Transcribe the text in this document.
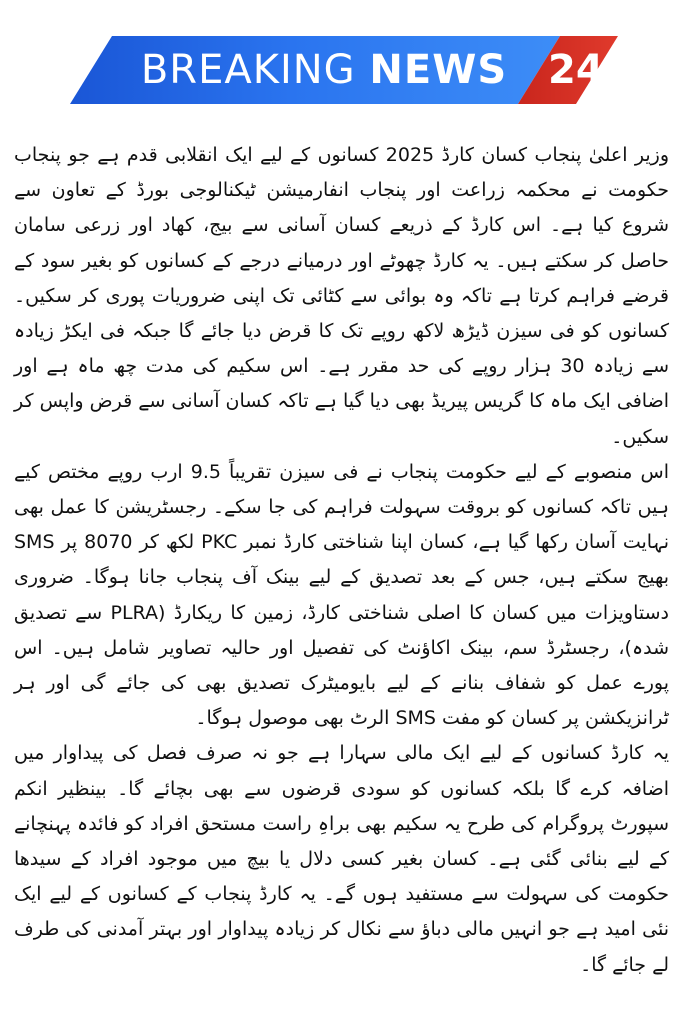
BREAKING NEWS	24

وزیر اعلیٰ پنجاب کسان کارڈ 2025 کسانوں کے لیے ایک انقلابی قدم ہے جو پنجاب حکومت نے محکمہ زراعت اور پنجاب انفارمیشن ٹیکنالوجی بورڈ کے تعاون سے شروع کیا ہے۔ اس کارڈ کے ذریعے کسان آسانی سے بیج، کھاد اور زرعی سامان حاصل کر سکتے ہیں۔ یہ کارڈ چھوٹے اور درمیانے درجے کے کسانوں کو بغیر سود کے قرضے فراہم کرتا ہے تاکہ وہ بوائی سے کٹائی تک اپنی ضروریات پوری کر سکیں۔ کسانوں کو فی سیزن ڈیڑھ لاکھ روپے تک کا قرض دیا جائے گا جبکہ فی ایکڑ زیادہ سے زیادہ 30 ہزار روپے کی حد مقرر ہے۔ اس سکیم کی مدت چھ ماہ ہے اور اضافی ایک ماہ کا گریس پیریڈ بھی دیا گیا ہے تاکہ کسان آسانی سے قرض واپس کر سکیں۔

اس منصوبے کے لیے حکومت پنجاب نے فی سیزن تقریباً 9.5 ارب روپے مختص کیے ہیں تاکہ کسانوں کو بروقت سہولت فراہم کی جا سکے۔ رجسٹریشن کا عمل بھی نہایت آسان رکھا گیا ہے، کسان اپنا شناختی کارڈ نمبر PKC لکھ کر 8070 پر SMS بھیج سکتے ہیں، جس کے بعد تصدیق کے لیے بینک آف پنجاب جانا ہوگا۔ ضروری دستاویزات میں کسان کا اصلی شناختی کارڈ، زمین کا ریکارڈ (PLRA سے تصدیق شدہ)، رجسٹرڈ سم، بینک اکاؤنٹ کی تفصیل اور حالیہ تصاویر شامل ہیں۔ اس پورے عمل کو شفاف بنانے کے لیے بایومیٹرک تصدیق بھی کی جائے گی اور ہر ٹرانزیکشن پر کسان کو مفت SMS الرٹ بھی موصول ہوگا۔

یہ کارڈ کسانوں کے لیے ایک مالی سہارا ہے جو نہ صرف فصل کی پیداوار میں اضافہ کرے گا بلکہ کسانوں کو سودی قرضوں سے بھی بچائے گا۔ بینظیر انکم سپورٹ پروگرام کی طرح یہ سکیم بھی براہِ راست مستحق افراد کو فائدہ پہنچانے کے لیے بنائی گئی ہے۔ کسان بغیر کسی دلال یا بیچ میں موجود افراد کے سیدھا حکومت کی سہولت سے مستفید ہوں گے۔ یہ کارڈ پنجاب کے کسانوں کے لیے ایک نئی امید ہے جو انہیں مالی دباؤ سے نکال کر زیادہ پیداوار اور بہتر آمدنی کی طرف لے جائے گا۔
